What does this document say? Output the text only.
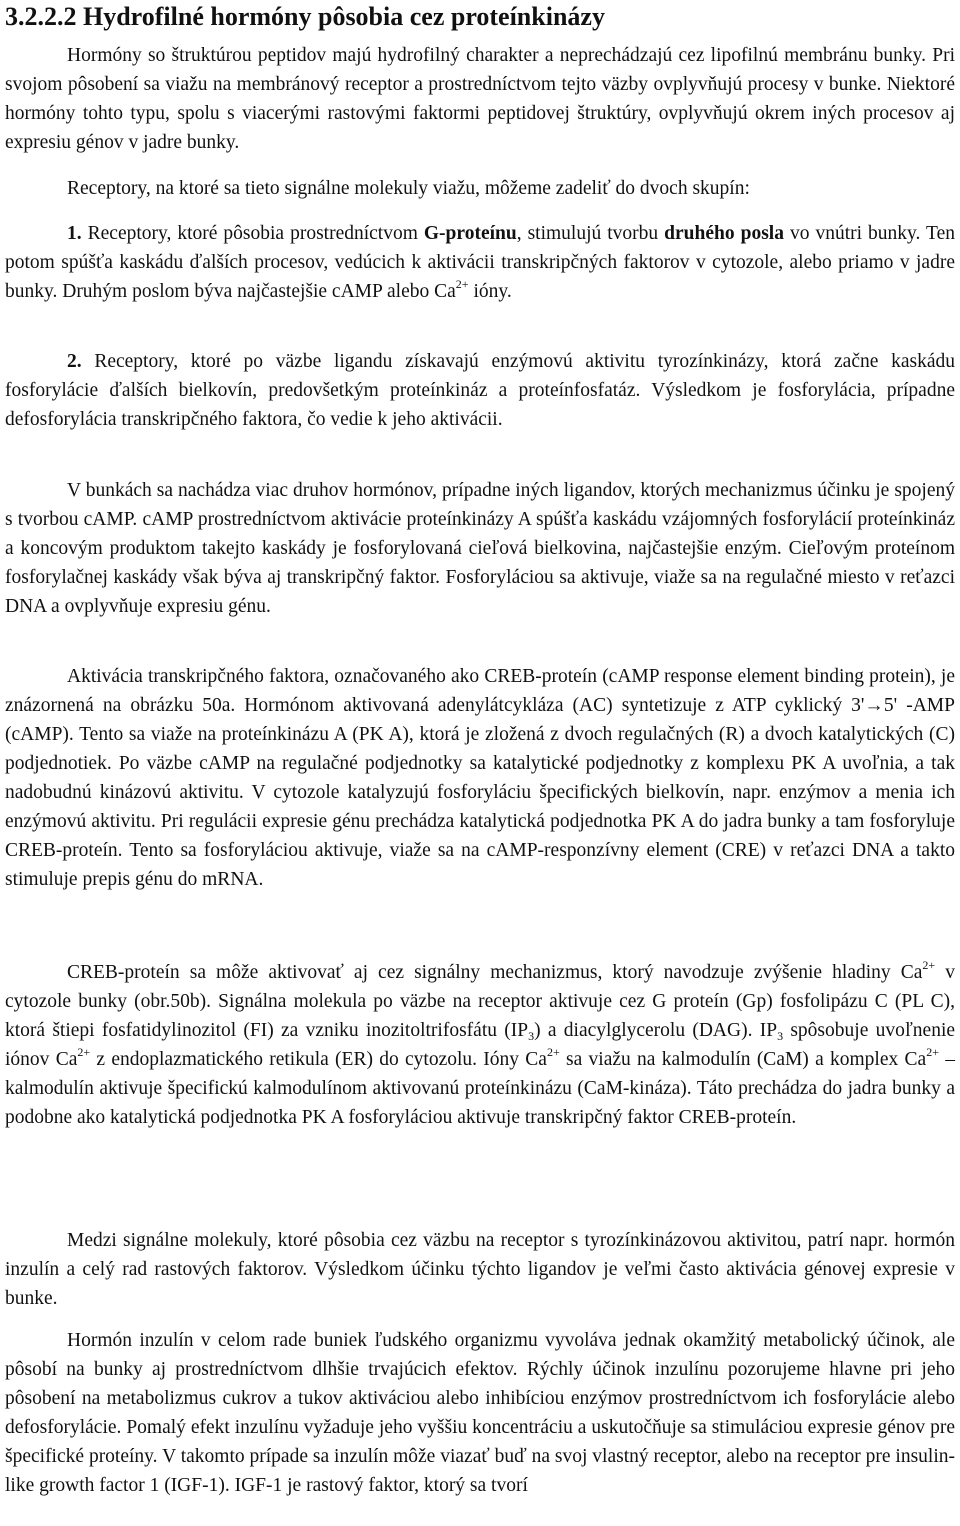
3.2.2.2 Hydrofilné hormóny pôsobia cez proteínkinázy

Hormóny so štruktúrou peptidov majú hydrofilný charakter a neprechádzajú cez lipofilnú membránu bunky. Pri svojom pôsobení sa viažu na membránový receptor a prostredníctvom tejto väzby ovplyvňujú procesy v bunke. Niektoré hormóny tohto typu, spolu s viacerými rastovými faktormi peptidovej štruktúry, ovplyvňujú okrem iných procesov aj expresiu génov v jadre bunky.

Receptory, na ktoré sa tieto signálne molekuly viažu, môžeme zadeliť do dvoch skupín:

1. Receptory, ktoré pôsobia prostredníctvom G-proteínu, stimulujú tvorbu druhého posla vo vnútri bunky. Ten potom spúšťa kaskádu ďalších procesov, vedúcich k aktivácii transkripčných faktorov v cytozole, alebo priamo v jadre bunky. Druhým poslom býva najčastejšie cAMP alebo $Ca^{2+}$ ióny.

2. Receptory, ktoré po väzbe ligandu získavajú enzýmovú aktivitu tyrozínkinázy, ktorá začne kaskádu fosforylácie ďalších bielkovín, predovšetkým proteínkináz a proteínfosfatáz. Výsledkom je fosforylácia, prípadne defosforylácia transkripčného faktora, čo vedie k jeho aktivácii.

V bunkách sa nachádza viac druhov hormónov, prípadne iných ligandov, ktorých mechanizmus účinku je spojený s tvorbou cAMP. cAMP prostredníctvom aktivácie proteínkinázy A spúšťa kaskádu vzájomných fosforylácií proteínkináz a koncovým produktom takejto kaskády je fosforylovaná cieľová bielkovina, najčastejšie enzým. Cieľovým proteínom fosforylačnej kaskády však býva aj transkripčný faktor. Fosforyláciou sa aktivuje, viaže sa na regulačné miesto v reťazci DNA a ovplyvňuje expresiu génu.

Aktivácia transkripčného faktora, označovaného ako CREB-proteín (cAMP response element binding protein), je znázornená na obrázku 50a. Hormónom aktivovaná adenylátcykláza (AC) syntetizuje z ATP cyklický 3'→5' -AMP (cAMP). Tento sa viaže na proteínkinázu A (PK A), ktorá je zložená z dvoch regulačných (R) a dvoch katalytických (C) podjednotiek. Po väzbe cAMP na regulačné podjednotky sa katalytické podjednotky z komplexu PK A uvoľnia, a tak nadobudnú kinázovú aktivitu. V cytozole katalyzujú fosforyláciu špecifických bielkovín, napr. enzýmov a menia ich enzýmovú aktivitu. Pri regulácii expresie génu prechádza katalytická podjednotka PK A do jadra bunky a tam fosforyluje CREB-proteín. Tento sa fosforyláciou aktivuje, viaže sa na cAMP-responzívny element (CRE) v reťazci DNA a takto stimuluje prepis génu do mRNA.

CREB-proteín sa môže aktivovať aj cez signálny mechanizmus, ktorý navodzuje zvýšenie hladiny $Ca^{2+}$ v cytozole bunky (obr.50b). Signálna molekula po väzbe na receptor aktivuje cez G proteín (Gp) fosfolipázu C (PL C), ktorá štiepi fosfatidylinozitol (FI) za vzniku inozitoltrifosfátu $(IP_3)$ a diacylglycerolu (DAG). $IP_3$ spôsobuje uvoľnenie iónov $Ca^{2+}$ z endoplazmatického retikula (ER) do cytozolu. Ióny $Ca^{2+}$ sa viažu na kalmodulín (CaM) a komplex $Ca^{2+}$ – kalmodulín aktivuje špecifickú kalmodulínom aktivovanú proteínkinázu (CaM-kináza). Táto prechádza do jadra bunky a podobne ako katalytická podjednotka PK A fosforyláciou aktivuje transkripčný faktor CREB-proteín.

Medzi signálne molekuly, ktoré pôsobia cez väzbu na receptor s tyrozínkinázovou aktivitou, patrí napr. hormón inzulín a celý rad rastových faktorov. Výsledkom účinku týchto ligandov je veľmi často aktivácia génovej expresie v bunke.

Hormón inzulín v celom rade buniek ľudského organizmu vyvoláva jednak okamžitý metabolický účinok, ale pôsobí na bunky aj prostredníctvom dlhšie trvajúcich efektov. Rýchly účinok inzulínu pozorujeme hlavne pri jeho pôsobení na metabolizmus cukrov a tukov aktiváciou alebo inhibíciou enzýmov prostredníctvom ich fosforylácie alebo defosforylácie. Pomalý efekt inzulínu vyžaduje jeho vyššiu koncentráciu a uskutočňuje sa stimuláciou expresie génov pre špecifické proteíny. V takomto prípade sa inzulín môže viazať buď na svoj vlastný receptor, alebo na receptor pre insulin-like growth factor 1 (IGF-1). IGF-1 je rastový faktor, ktorý sa tvorí
